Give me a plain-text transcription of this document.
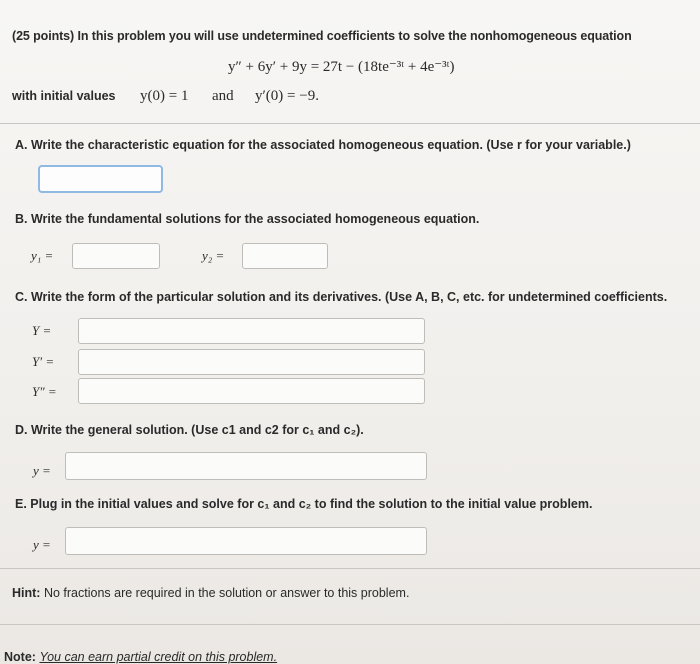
(25 points) In this problem you will use undetermined coefficients to solve the nonhomogeneous equation
y″ + 6y′ + 9y = 27t − (18te⁻³ᵗ + 4e⁻³ᵗ)
with initial values y(0) = 1 and y′(0) = −9.
A. Write the characteristic equation for the associated homogeneous equation. (Use r for your variable.)
B. Write the fundamental solutions for the associated homogeneous equation.
y₁ =	y₂ =
C. Write the form of the particular solution and its derivatives. (Use A, B, C, etc. for undetermined coefficients.
Y =
Y′ =
Y″ =
D. Write the general solution. (Use c1 and c2 for c₁ and c₂).
y =
E. Plug in the initial values and solve for c₁ and c₂ to find the solution to the initial value problem.
y =
Hint: No fractions are required in the solution or answer to this problem.
Note: You can earn partial credit on this problem.
